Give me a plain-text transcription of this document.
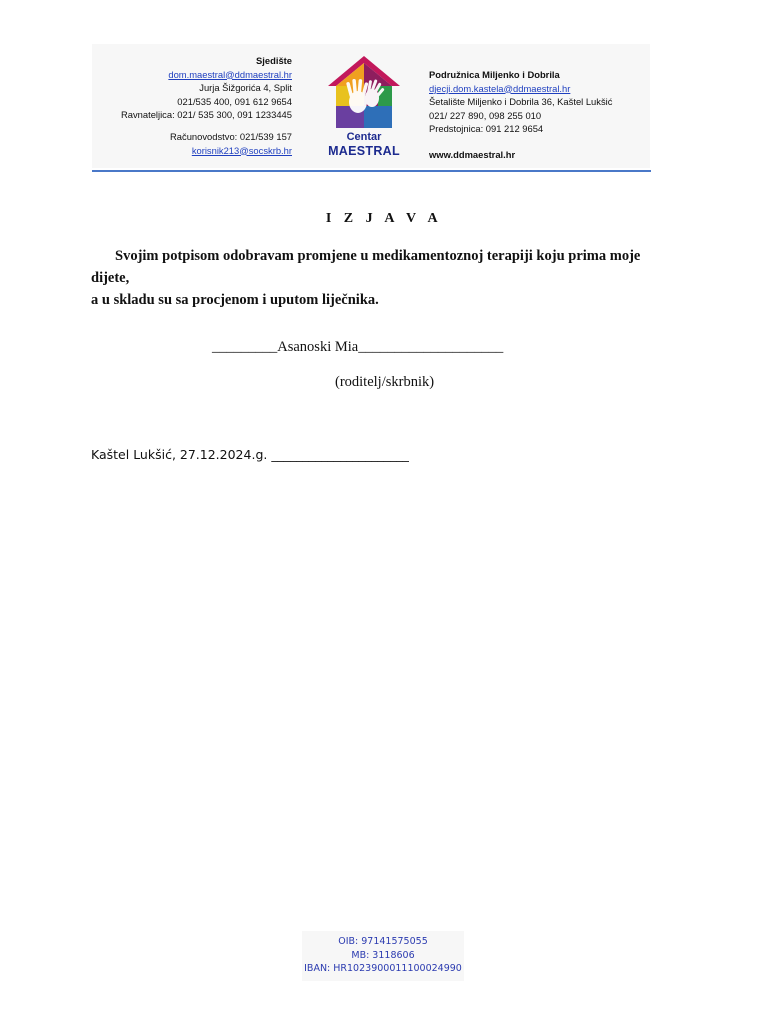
Sjedište
dom.maestral@ddmaestral.hr
Jurja Šižgorića 4, Split
021/535 400, 091 612 9654
Ravnateljica: 021/ 535 300, 091 1233445
Računovodstvo: 021/539 157
korisnik213@socskrb.hr
Centar
MAESTRAL
Podružnica Miljenko i Dobrila
djecji.dom.kastela@ddmaestral.hr
Šetalište Miljenko i Dobrila 36, Kaštel Lukšić
021/ 227 890, 098 255 010
Predstojnica: 091 212 9654
www.ddmaestral.hr
I Z J A V A
Svojim potpisom odobravam promjene u medikamentoznoj terapiji koju prima moje dijete,
a u skladu su sa procjenom i uputom liječnika.
_________Asanoski Mia____________________
(roditelj/skrbnik)
Kaštel Lukšić, 27.12.2024.g. ______________________
OIB: 97141575055
MB: 3118606
IBAN: HR1023900011100024990
